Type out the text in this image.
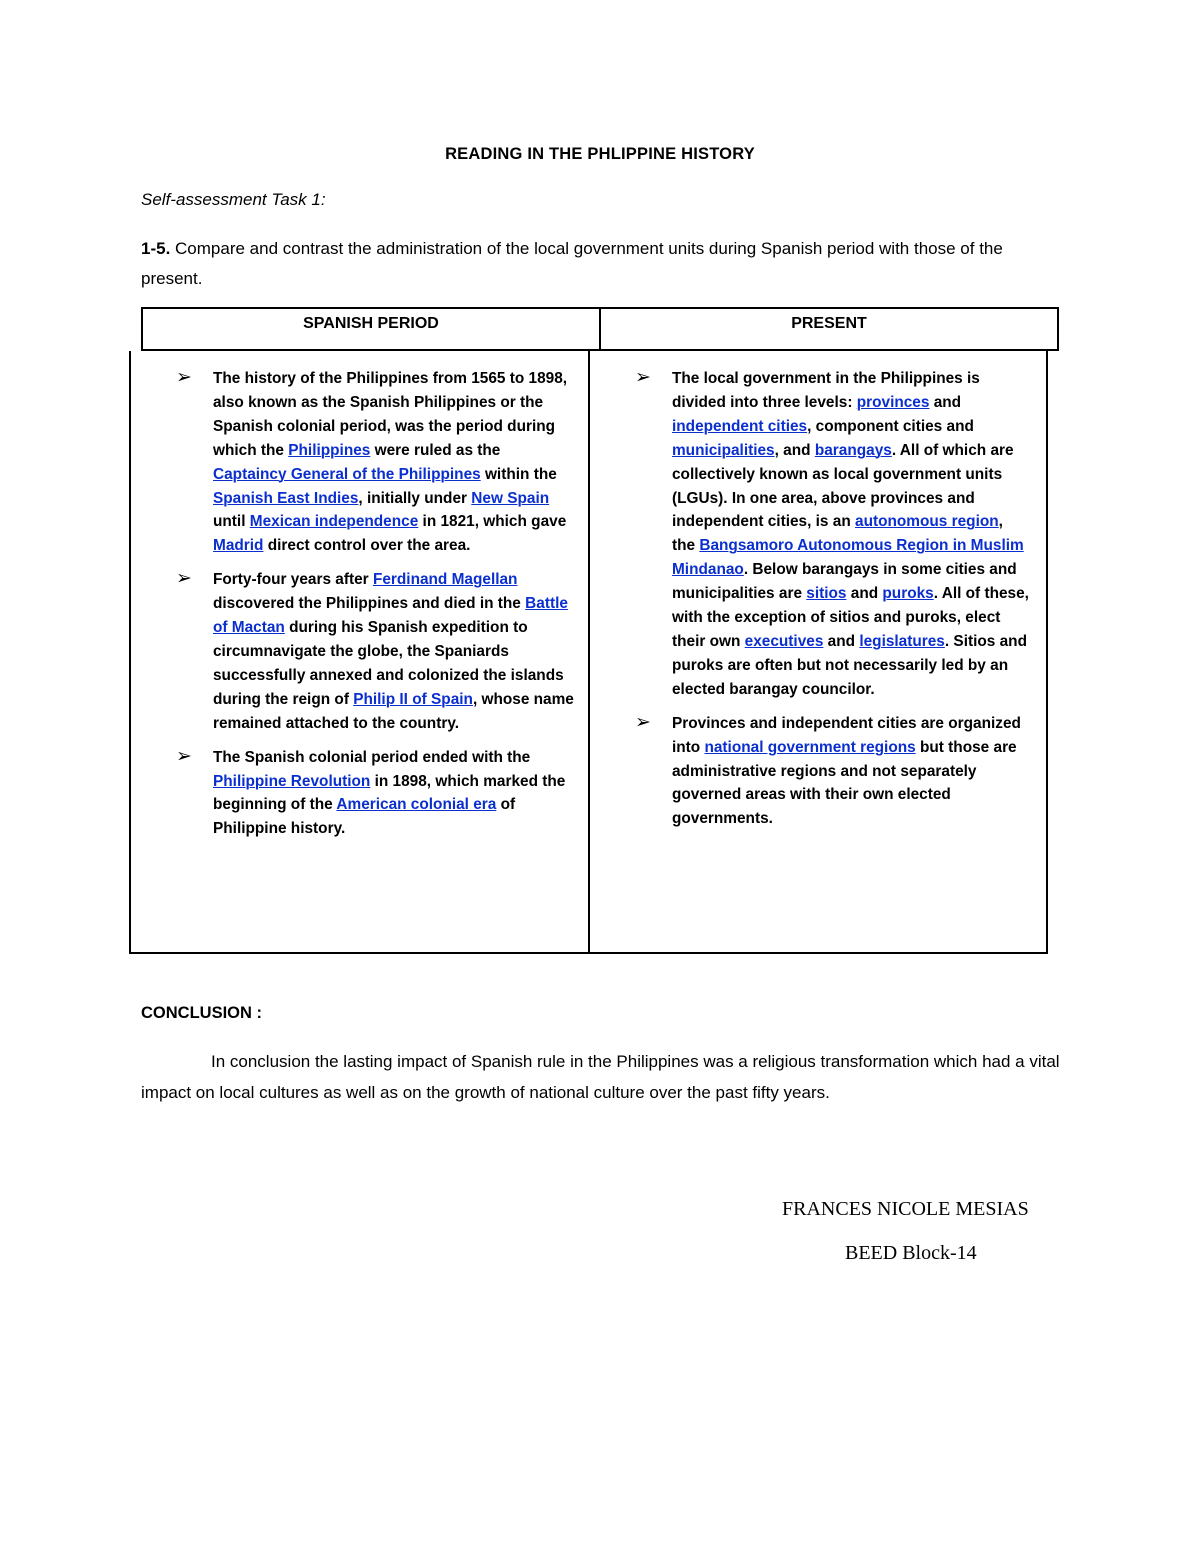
READING IN THE PHLIPPINE HISTORY
Self-assessment Task 1:
1-5. Compare and contrast the administration of the local government units during Spanish period with those of the present.
SPANISH PERIOD	PRESENT
➢ The history of the Philippines from 1565 to 1898, also known as the Spanish Philippines or the Spanish colonial period, was the period during which the Philippines were ruled as the Captaincy General of the Philippines within the Spanish East Indies, initially under New Spain until Mexican independence in 1821, which gave Madrid direct control over the area.
➢ Forty-four years after Ferdinand Magellan discovered the Philippines and died in the Battle of Mactan during his Spanish expedition to circumnavigate the globe, the Spaniards successfully annexed and colonized the islands during the reign of Philip II of Spain, whose name remained attached to the country.
➢ The Spanish colonial period ended with the Philippine Revolution in 1898, which marked the beginning of the American colonial era of Philippine history.
➢ The local government in the Philippines is divided into three levels: provinces and independent cities, component cities and municipalities, and barangays. All of which are collectively known as local government units (LGUs). In one area, above provinces and independent cities, is an autonomous region, the Bangsamoro Autonomous Region in Muslim Mindanao. Below barangays in some cities and municipalities are sitios and puroks. All of these, with the exception of sitios and puroks, elect their own executives and legislatures. Sitios and puroks are often but not necessarily led by an elected barangay councilor.
➢ Provinces and independent cities are organized into national government regions but those are administrative regions and not separately governed areas with their own elected governments.
CONCLUSION :
In conclusion the lasting impact of Spanish rule in the Philippines was a religious transformation which had a vital impact on local cultures as well as on the growth of national culture over the past fifty years.
FRANCES NICOLE MESIAS
BEED Block-14
